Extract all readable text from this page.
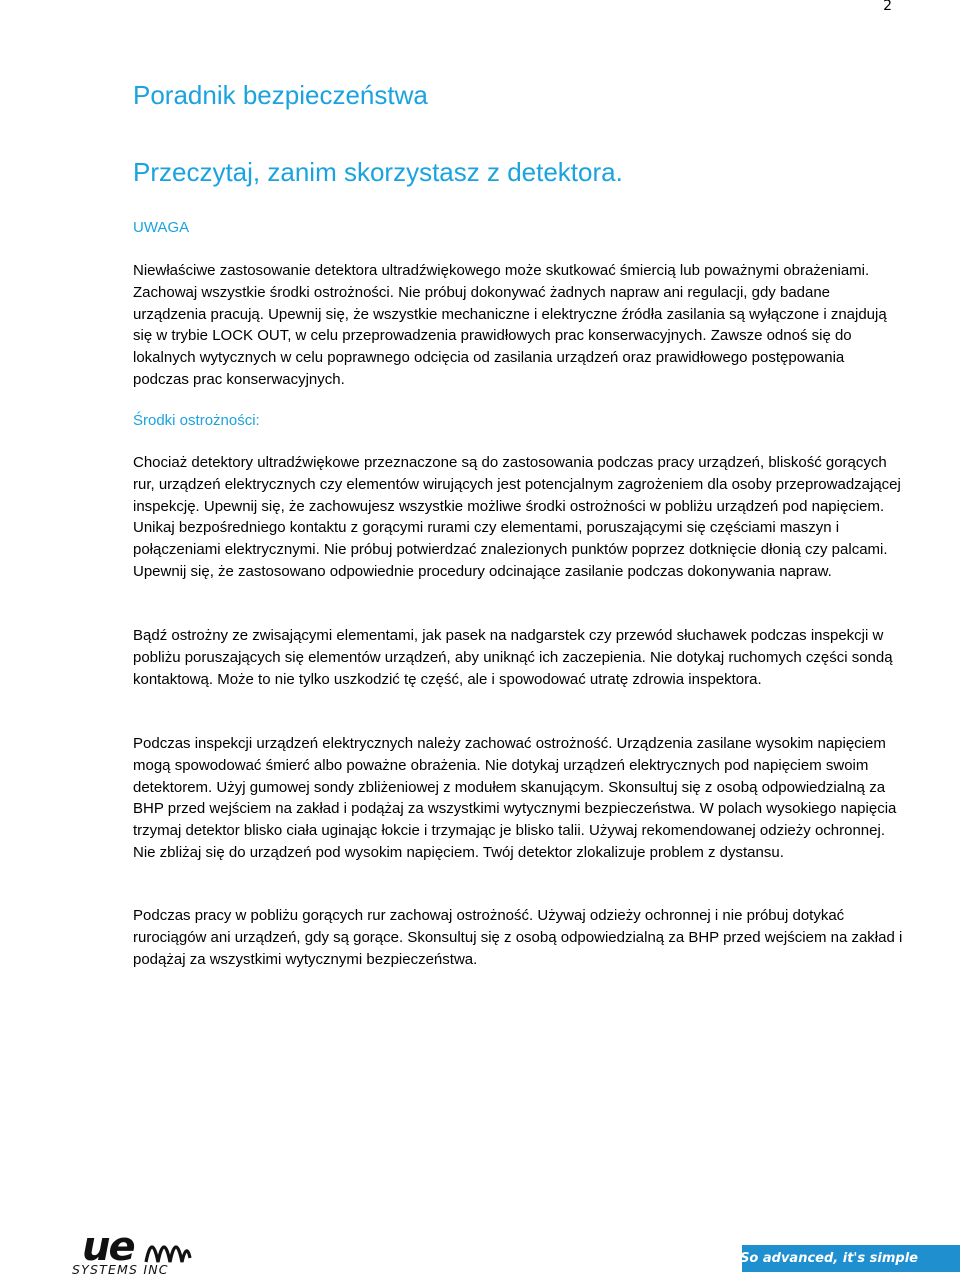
2
Poradnik bezpieczeństwa
Przeczytaj, zanim skorzystasz z detektora.
UWAGA

Niewłaściwe zastosowanie detektora ultradźwiękowego może skutkować śmiercią lub poważnymi obrażeniami. Zachowaj wszystkie środki ostrożności. Nie próbuj dokonywać żadnych napraw ani regulacji, gdy badane urządzenia pracują. Upewnij się, że wszystkie mechaniczne i elektryczne źródła zasilania są wyłączone i znajdują się w trybie LOCK OUT, w celu przeprowadzenia prawidłowych prac konserwacyjnych. Zawsze odnoś się do lokalnych wytycznych w celu poprawnego odcięcia od zasilania urządzeń oraz prawidłowego postępowania podczas prac konserwacyjnych.

Środki ostrożności:

Chociaż detektory ultradźwiękowe przeznaczone są do zastosowania podczas pracy urządzeń, bliskość gorących rur, urządzeń elektrycznych czy elementów wirujących jest potencjalnym zagrożeniem dla osoby przeprowadzającej inspekcję. Upewnij się, że zachowujesz wszystkie możliwe środki ostrożności w pobliżu urządzeń pod napięciem. Unikaj bezpośredniego kontaktu z gorącymi rurami czy elementami, poruszającymi się częściami maszyn i połączeniami elektrycznymi. Nie próbuj potwierdzać znalezionych punktów poprzez dotknięcie dłonią czy palcami. Upewnij się, że zastosowano odpowiednie procedury odcinające zasilanie podczas dokonywania napraw.

Bądź ostrożny ze zwisającymi elementami, jak pasek na nadgarstek czy przewód słuchawek podczas inspekcji w pobliżu poruszających się elementów urządzeń, aby uniknąć ich zaczepienia. Nie dotykaj ruchomych części sondą kontaktową. Może to nie tylko uszkodzić tę część, ale i spowodować utratę zdrowia inspektora.

Podczas inspekcji urządzeń elektrycznych należy zachować ostrożność. Urządzenia zasilane wysokim napięciem mogą spowodować śmierć albo poważne obrażenia. Nie dotykaj urządzeń elektrycznych pod napięciem swoim detektorem. Użyj gumowej sondy zbliżeniowej z modułem skanującym. Skonsultuj się z osobą odpowiedzialną za BHP przed wejściem na zakład i podążaj za wszystkimi wytycznymi bezpieczeństwa. W polach wysokiego napięcia trzymaj detektor blisko ciała uginając łokcie i trzymając je blisko talii. Używaj rekomendowanej odzieży ochronnej. Nie zbliżaj się do urządzeń pod wysokim napięciem. Twój detektor zlokalizuje problem z dystansu.

Podczas pracy w pobliżu gorących rur zachowaj ostrożność. Używaj odzieży ochronnej i nie próbuj dotykać rurociągów ani urządzeń, gdy są gorące. Skonsultuj się z osobą odpowiedzialną za BHP przed wejściem na zakład i podążaj za wszystkimi wytycznymi bezpieczeństwa.

ue
SYSTEMS INC
So advanced, it's simple
